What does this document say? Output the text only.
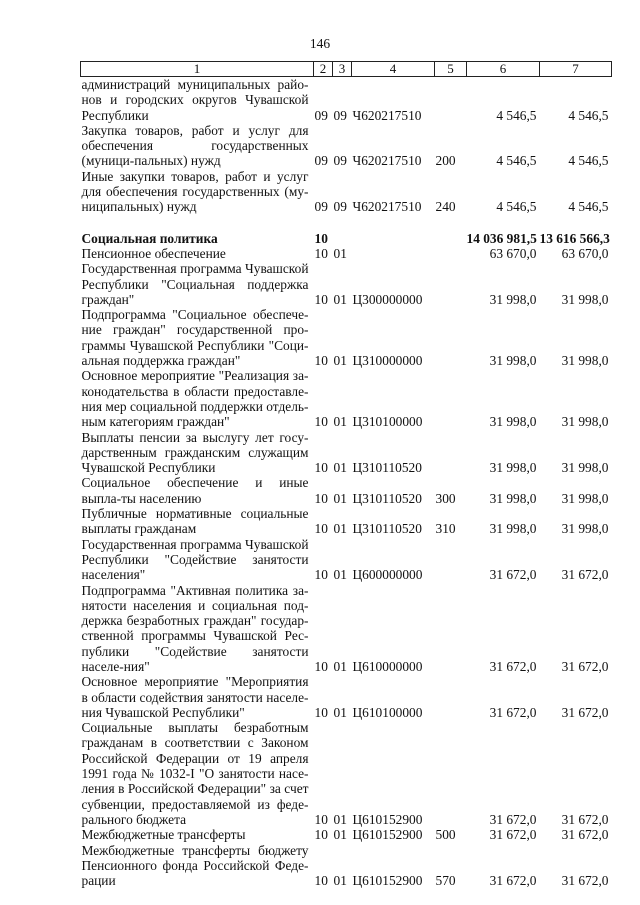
146
1	2	3	4	5	6	7
администраций муниципальных райо-нов и городских округов Чувашской Республики	09	09	Ч620217510		4 546,5	4 546,5
Закупка товаров, работ и услуг для обеспечения государственных (муници-пальных) нужд	09	09	Ч620217510	200	4 546,5	4 546,5
Иные закупки товаров, работ и услуг для обеспечения государственных (му-ниципальных) нужд	09	09	Ч620217510	240	4 546,5	4 546,5

Социальная политика	10				14 036 981,5	13 616 566,3
Пенсионное обеспечение	10	01			63 670,0	63 670,0
Государственная программа Чувашской Республики "Социальная поддержка граждан"	10	01	Ц300000000		31 998,0	31 998,0
Подпрограмма "Социальное обеспече-ние граждан" государственной про-граммы Чувашской Республики "Соци-альная поддержка граждан"	10	01	Ц310000000		31 998,0	31 998,0
Основное мероприятие "Реализация за-конодательства в области предоставле-ния мер социальной поддержки отдель-ным категориям граждан"	10	01	Ц310100000		31 998,0	31 998,0
Выплаты пенсии за выслугу лет госу-дарственным гражданским служащим Чувашской Республики	10	01	Ц310110520		31 998,0	31 998,0
Социальное обеспечение и иные выпла-ты населению	10	01	Ц310110520	300	31 998,0	31 998,0
Публичные нормативные социальные выплаты гражданам	10	01	Ц310110520	310	31 998,0	31 998,0
Государственная программа Чувашской Республики "Содействие занятости населения"	10	01	Ц600000000		31 672,0	31 672,0
Подпрограмма "Активная политика за-нятости населения и социальная под-держка безработных граждан" государ-ственной программы Чувашской Рес-публики "Содействие занятости населе-ния"	10	01	Ц610000000		31 672,0	31 672,0
Основное мероприятие "Мероприятия в области содействия занятости населе-ния Чувашской Республики"	10	01	Ц610100000		31 672,0	31 672,0
Социальные выплаты безработным гражданам в соответствии с Законом Российской Федерации от 19 апреля 1991 года № 1032-I "О занятости насе-ления в Российской Федерации" за счет субвенции, предоставляемой из феде-рального бюджета	10	01	Ц610152900		31 672,0	31 672,0
Межбюджетные трансферты	10	01	Ц610152900	500	31 672,0	31 672,0
Межбюджетные трансферты бюджету Пенсионного фонда Российской Феде-рации	10	01	Ц610152900	570	31 672,0	31 672,0
